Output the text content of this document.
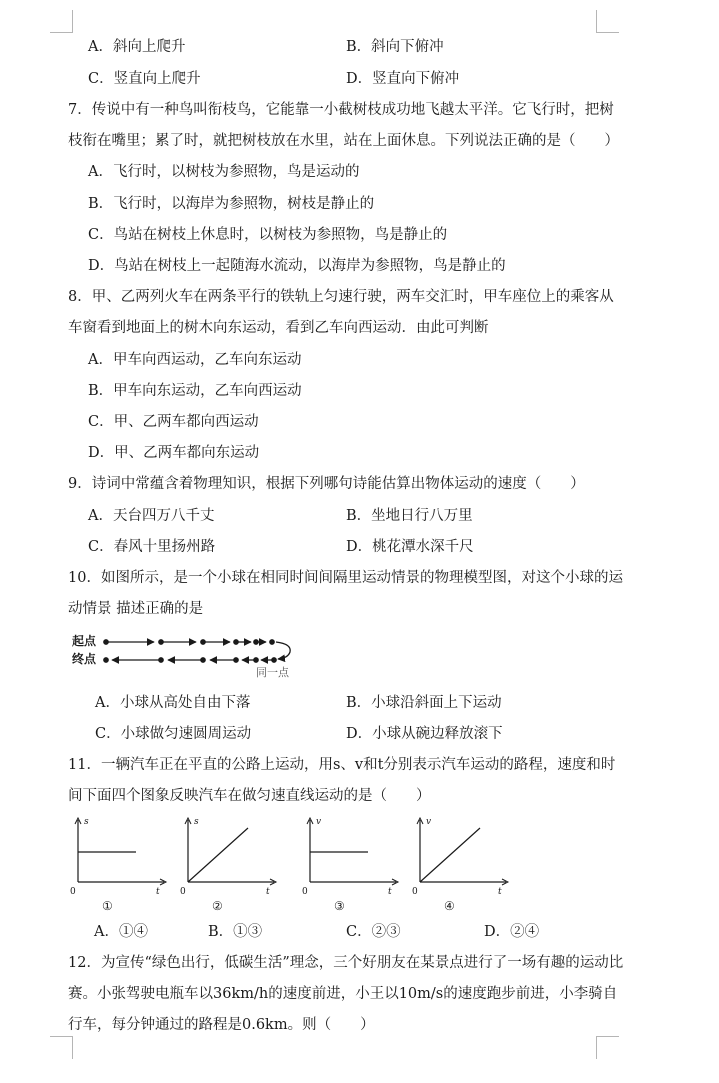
A．斜向上爬升	B．斜向下俯冲
C．竖直向上爬升	D．竖直向下俯冲
7．传说中有一种鸟叫衔枝鸟，它能靠一小截树枝成功地飞越太平洋。它飞行时，把树
枝衔在嘴里；累了时，就把树枝放在水里，站在上面休息。下列说法正确的是（　　）
A．飞行时，以树枝为参照物，鸟是运动的
B．飞行时，以海岸为参照物，树枝是静止的
C．鸟站在树枝上休息时，以树枝为参照物，鸟是静止的
D．鸟站在树枝上一起随海水流动，以海岸为参照物，鸟是静止的
8．甲、乙两列火车在两条平行的铁轨上匀速行驶，两车交汇时，甲车座位上的乘客从
车窗看到地面上的树木向东运动，看到乙车向西运动．由此可判断
A．甲车向西运动，乙车向东运动
B．甲车向东运动，乙车向西运动
C．甲、乙两车都向西运动
D．甲、乙两车都向东运动
9．诗词中常蕴含着物理知识，根据下列哪句诗能估算出物体运动的速度（　　）
A．天台四万八千丈	B．坐地日行八万里
C．春风十里扬州路	D．桃花潭水深千尺
10．如图所示，是一个小球在相同时间间隔里运动情景的物理模型图，对这个小球的运
动情景 描述正确的是
起点
终点
同一点
A．小球从高处自由下落	B．小球沿斜面上下运动
C．小球做匀速圆周运动	D．小球从碗边释放滚下
11．一辆汽车正在平直的公路上运动，用s、v和t分别表示汽车运动的路程，速度和时
间下面四个图象反映汽车在做匀速直线运动的是（　　）
s
t
0
①
s
t
0
②
v
t
0
③
v
t
0
④
A．①④	B．①③	C．②③	D．②④
12．为宣传“绿色出行，低碳生活”理念，三个好朋友在某景点进行了一场有趣的运动比
赛。小张驾驶电瓶车以36km/h的速度前进，小王以10m/s的速度跑步前进，小李骑自
行车，每分钟通过的路程是0.6km。则（　　）
